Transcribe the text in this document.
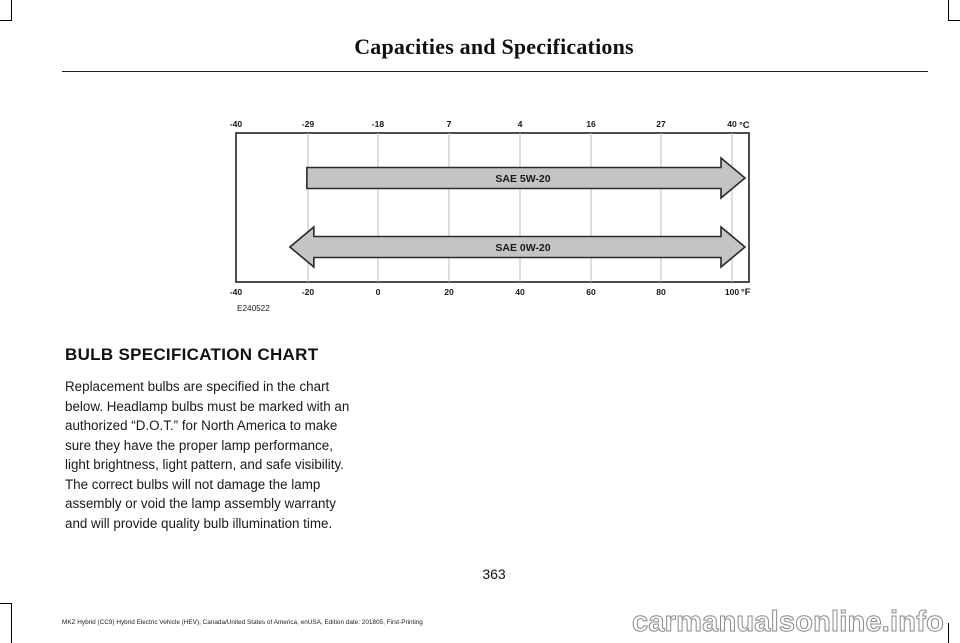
Capacities and Specifications
-40	-29	-18	7	4	16	27	40
-40	-20	0	20	40	60	80	100
°C
°F
E240522
SAE 5W-20
SAE 0W-20
BULB SPECIFICATION CHART

Replacement bulbs are specified in the chart below. Headlamp bulbs must be marked with an authorized “D.O.T.” for North America to make sure they have the proper lamp performance, light brightness, light pattern, and safe visibility. The correct bulbs will not damage the lamp assembly or void the lamp assembly warranty and will provide quality bulb illumination time.

363
MKZ Hybrid (CC9) Hybrid Electric Vehicle (HEV), Canada/United States of America, enUSA, Edition date: 201805, First-Printing	carmanualsonline.info
